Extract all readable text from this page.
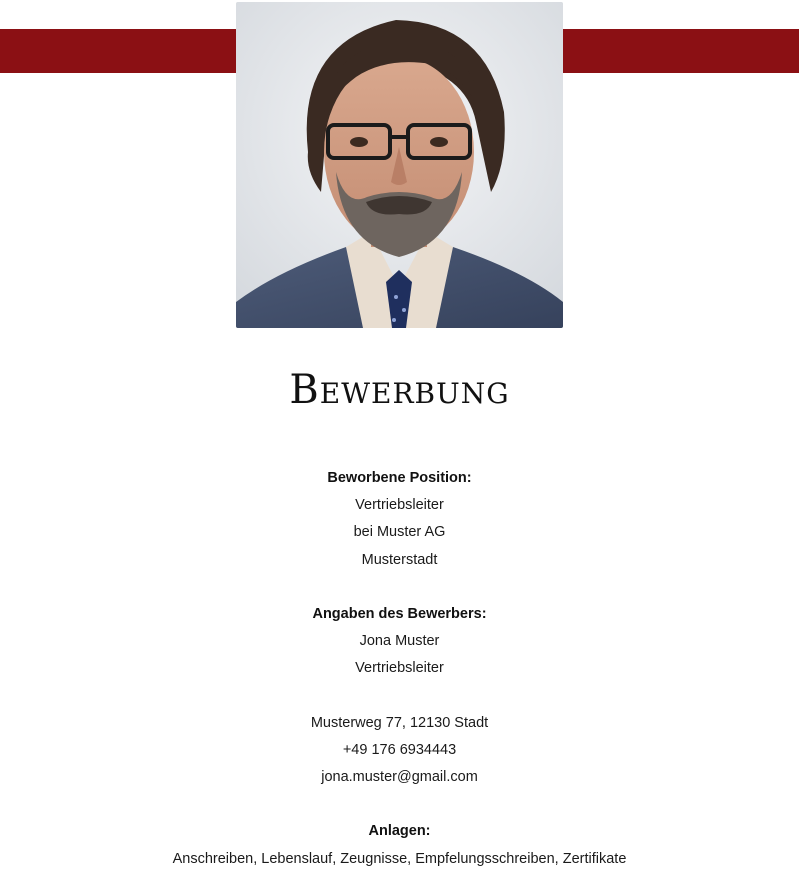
Bewerbung
Beworbene Position:
Vertriebsleiter
bei Muster AG
Musterstadt
Angaben des Bewerbers:
Jona Muster
Vertriebsleiter
Musterweg 77, 12130 Stadt
+49 176 6934443
jona.muster@gmail.com
Anlagen:
Anschreiben, Lebenslauf, Zeugnisse, Empfelungsschreiben, Zertifikate
